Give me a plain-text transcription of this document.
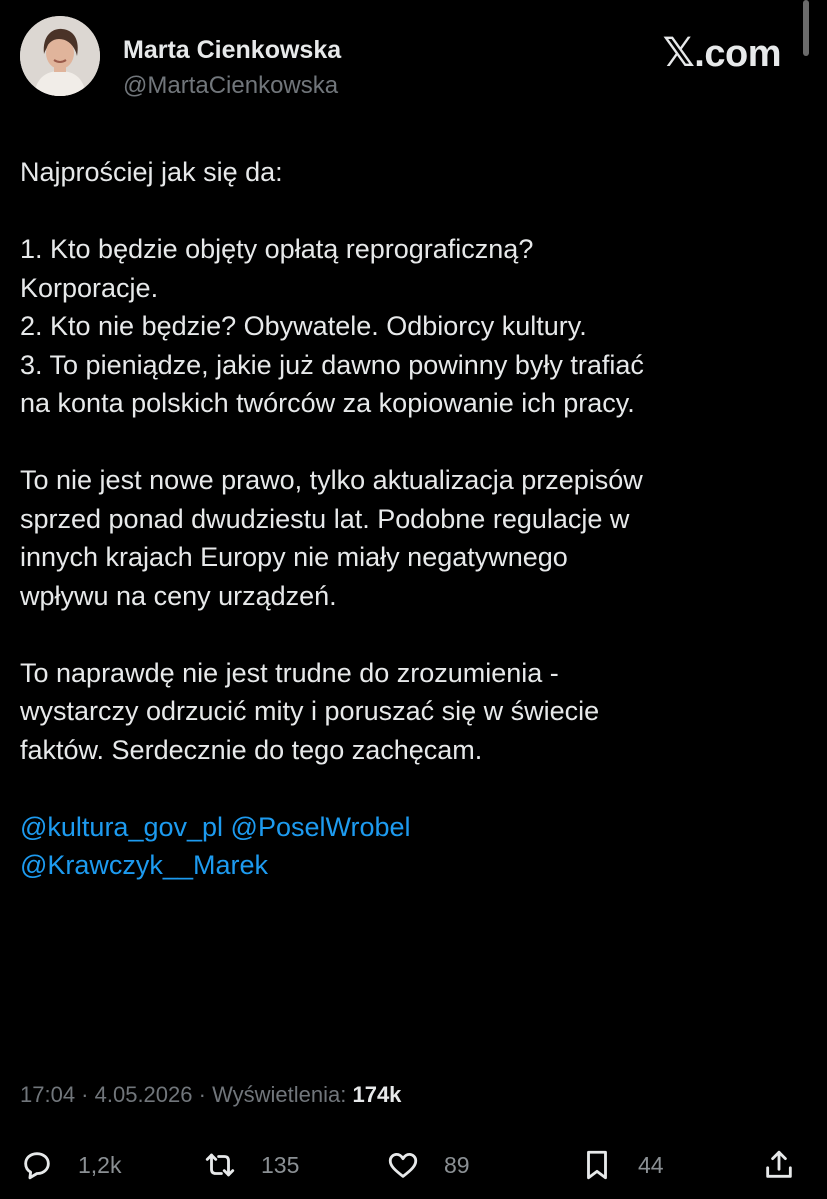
Marta Cienkowska
@MartaCienkowska
𝕏.com

Najprościej jak się da:

1. Kto będzie objęty opłatą reprograficzną?

Korporacje.

2. Kto nie będzie? Obywatele. Odbiorcy kultury.

3. To pieniądze, jakie już dawno powinny były trafiać

na konta polskich twórców za kopiowanie ich pracy.

To nie jest nowe prawo, tylko aktualizacja przepisów

sprzed ponad dwudziestu lat. Podobne regulacje w

innych krajach Europy nie miały negatywnego

wpływu na ceny urządzeń.

To naprawdę nie jest trudne do zrozumienia -

wystarczy odrzucić mity i poruszać się w świecie

faktów. Serdecznie do tego zachęcam.

@kultura_gov_pl @PoselWrobel

@Krawczyk__Marek

17:04 · 4.05.2026 · Wyświetlenia: 174k
1,2k	135	89	44
